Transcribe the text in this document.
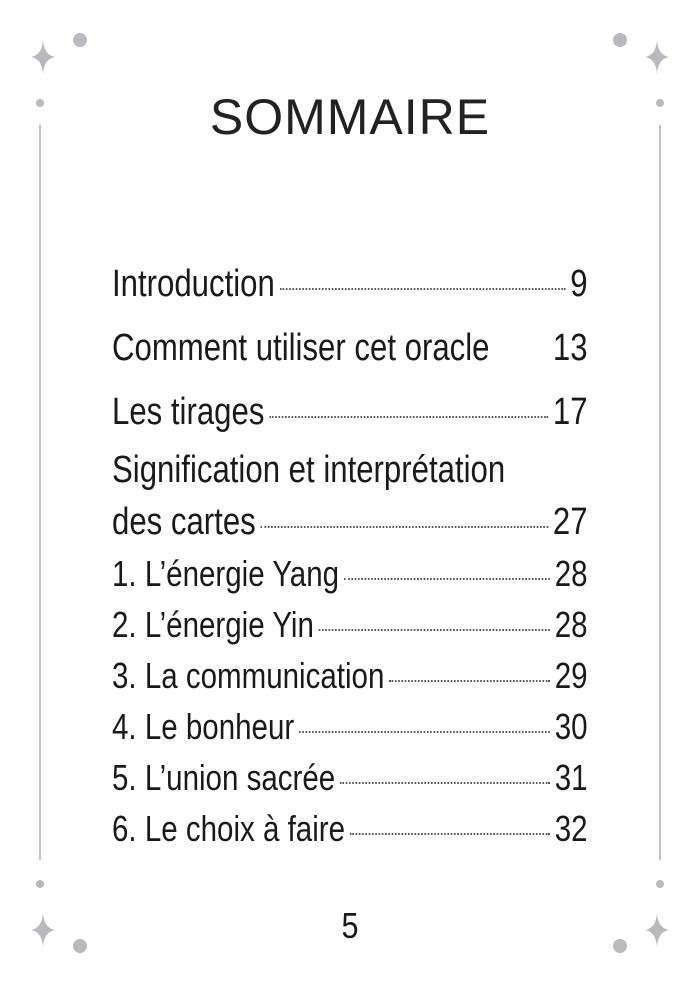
SOMMAIRE
Introduction	9
Comment utiliser cet oracle 13
Les tirages	17
Signification et interprétation
des cartes	27
1. L’énergie Yang	28
2. L’énergie Yin	28
3. La communication	29
4. Le bonheur	30
5. L’union sacrée	31
6. Le choix à faire	32
5
